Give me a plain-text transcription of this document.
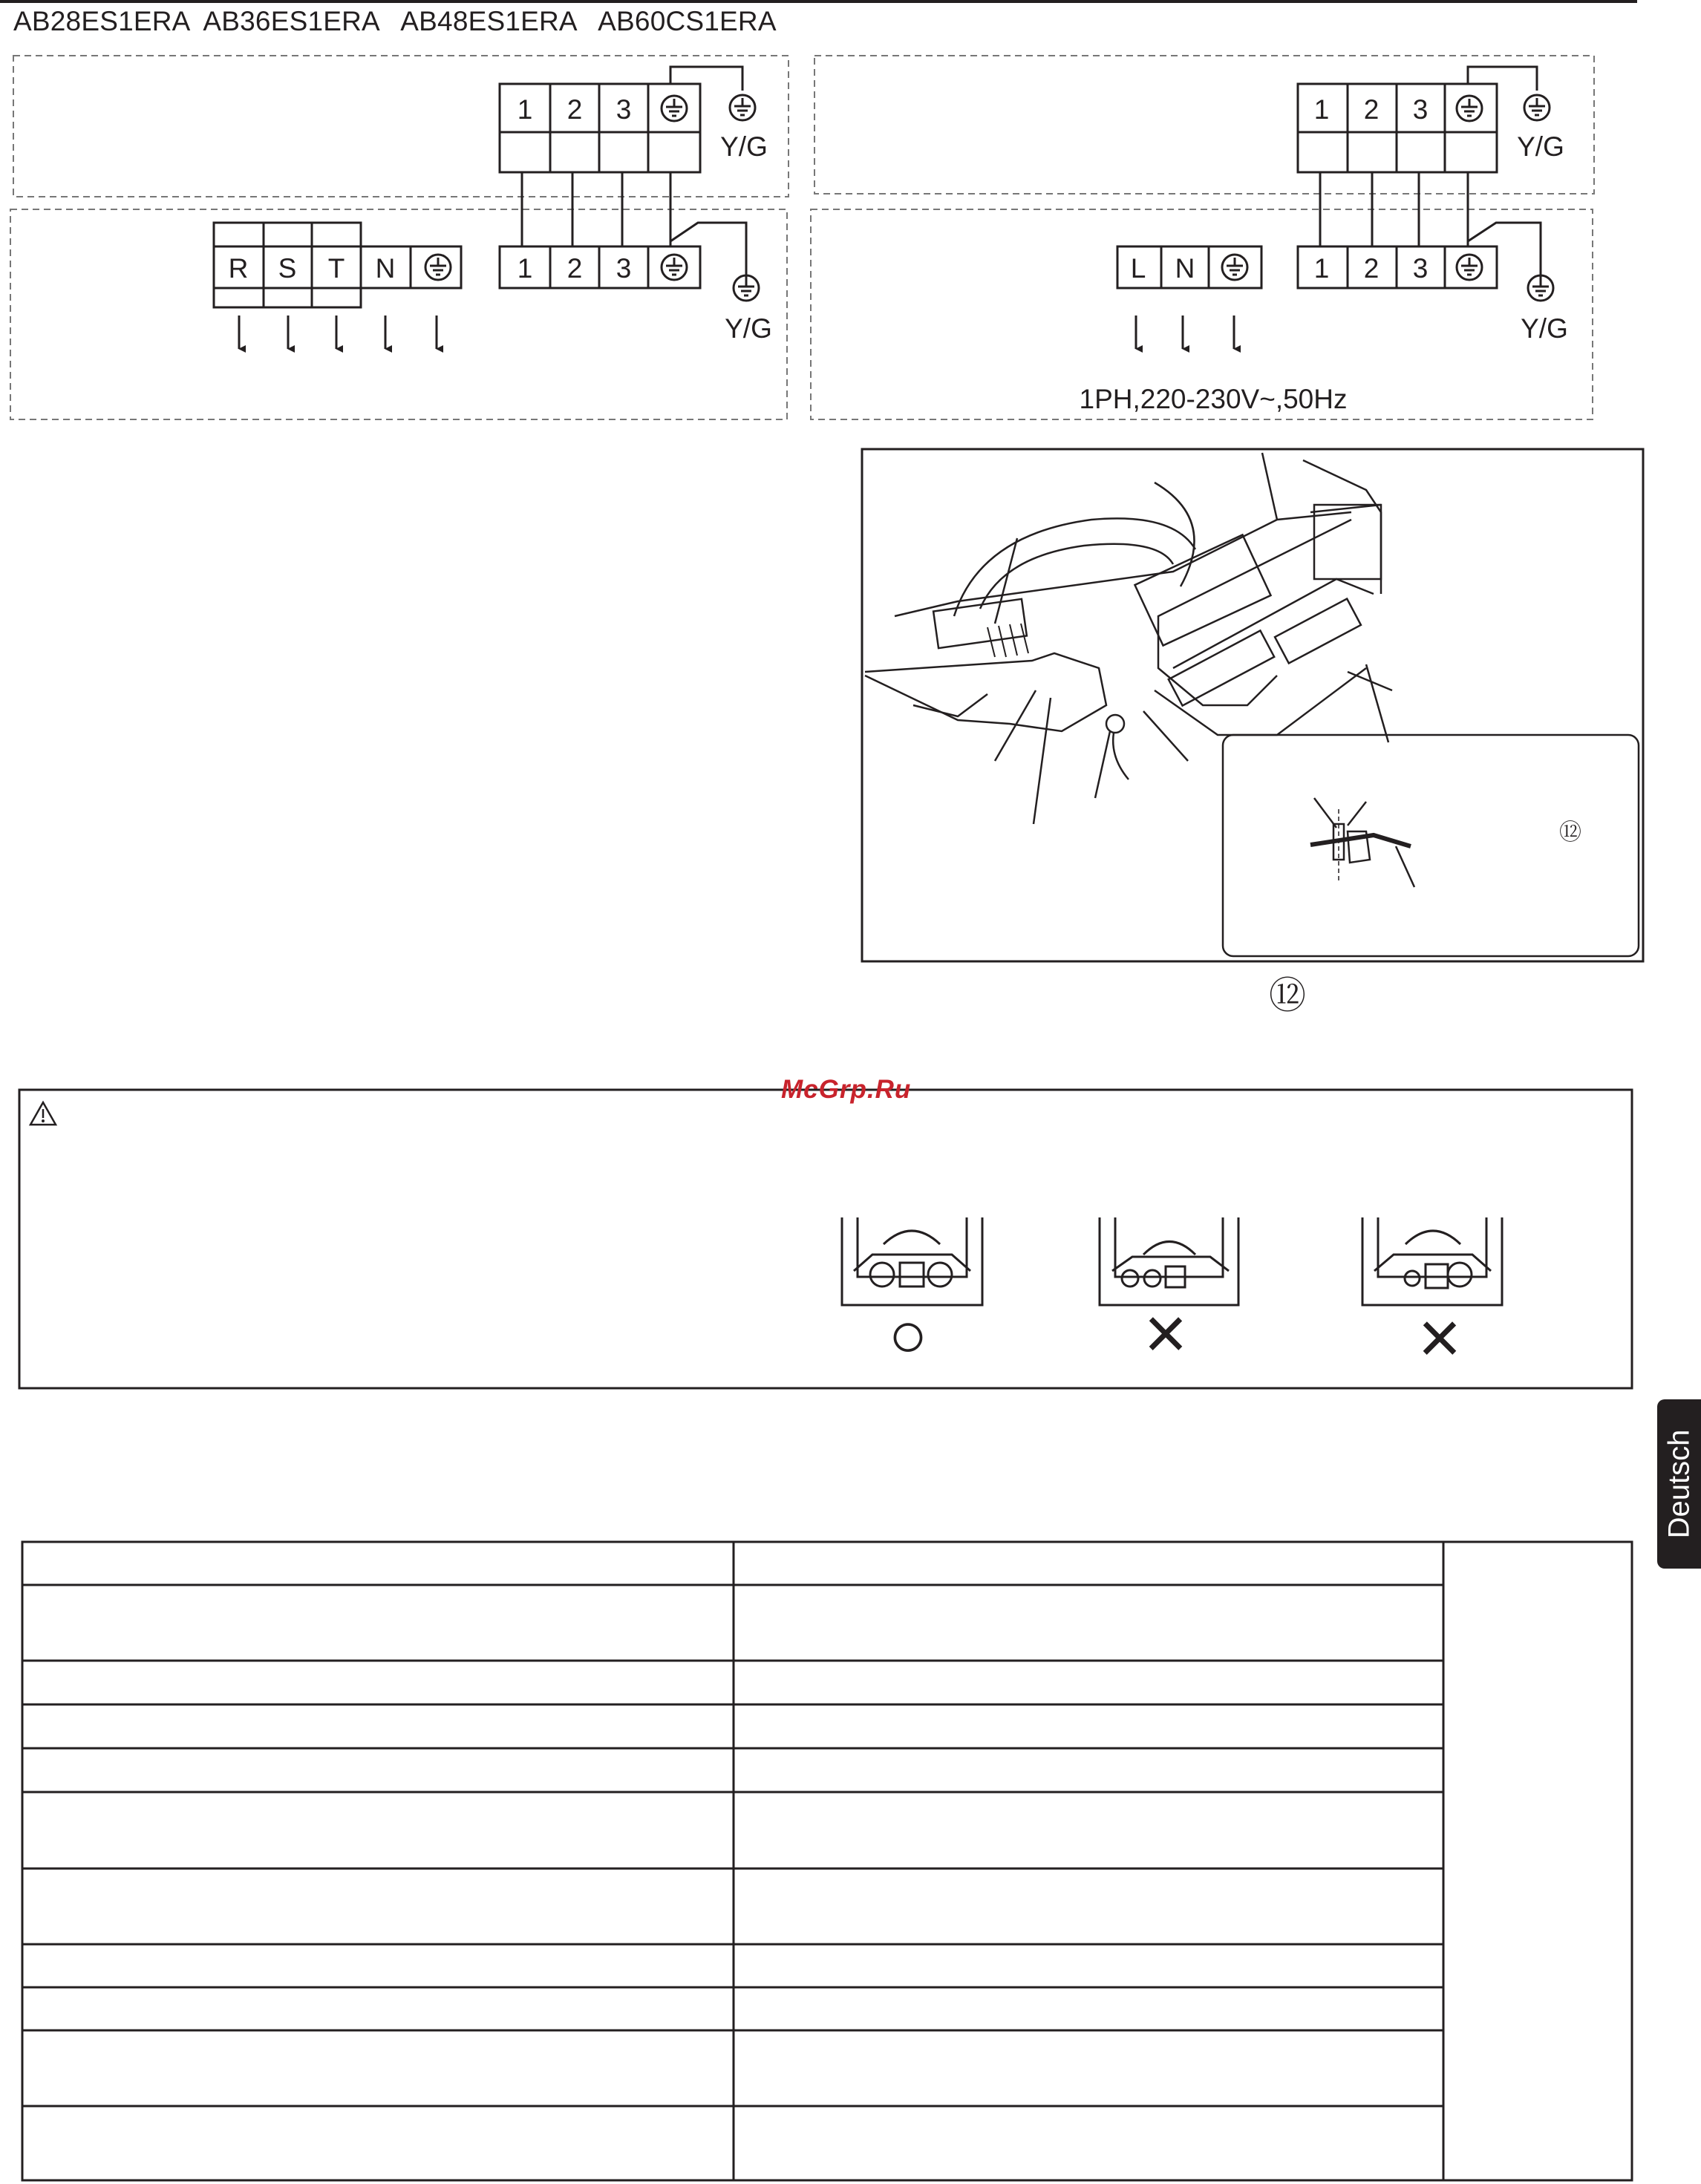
AB28ES1ERA  AB36ES1ERA   AB48ES1ERA   AB60CS1ERA
1 2 3
Y/G
1 2 3
Y/G
R S T N
1 2 3
Y/G
1 2 3
Y/G
L N
1PH,220-230V~,50Hz
⑫
⑫
○	×	×
McGrp.Ru
Deutsch
